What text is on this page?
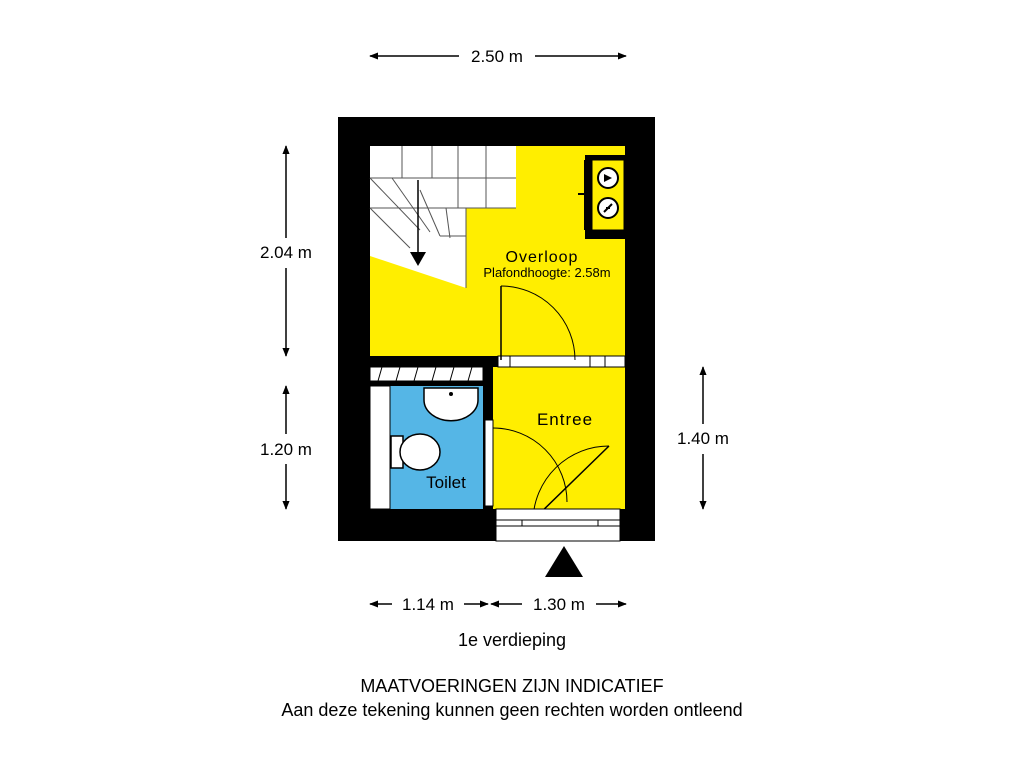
Overloop
Plafondhoogte: 2.58m
Entree
Toilet
2.50 m
2.04 m
1.20 m
1.40 m
1.14 m	1.30 m
1e verdieping
MAATVOERINGEN ZIJN INDICATIEF
Aan deze tekening kunnen geen rechten worden ontleend
